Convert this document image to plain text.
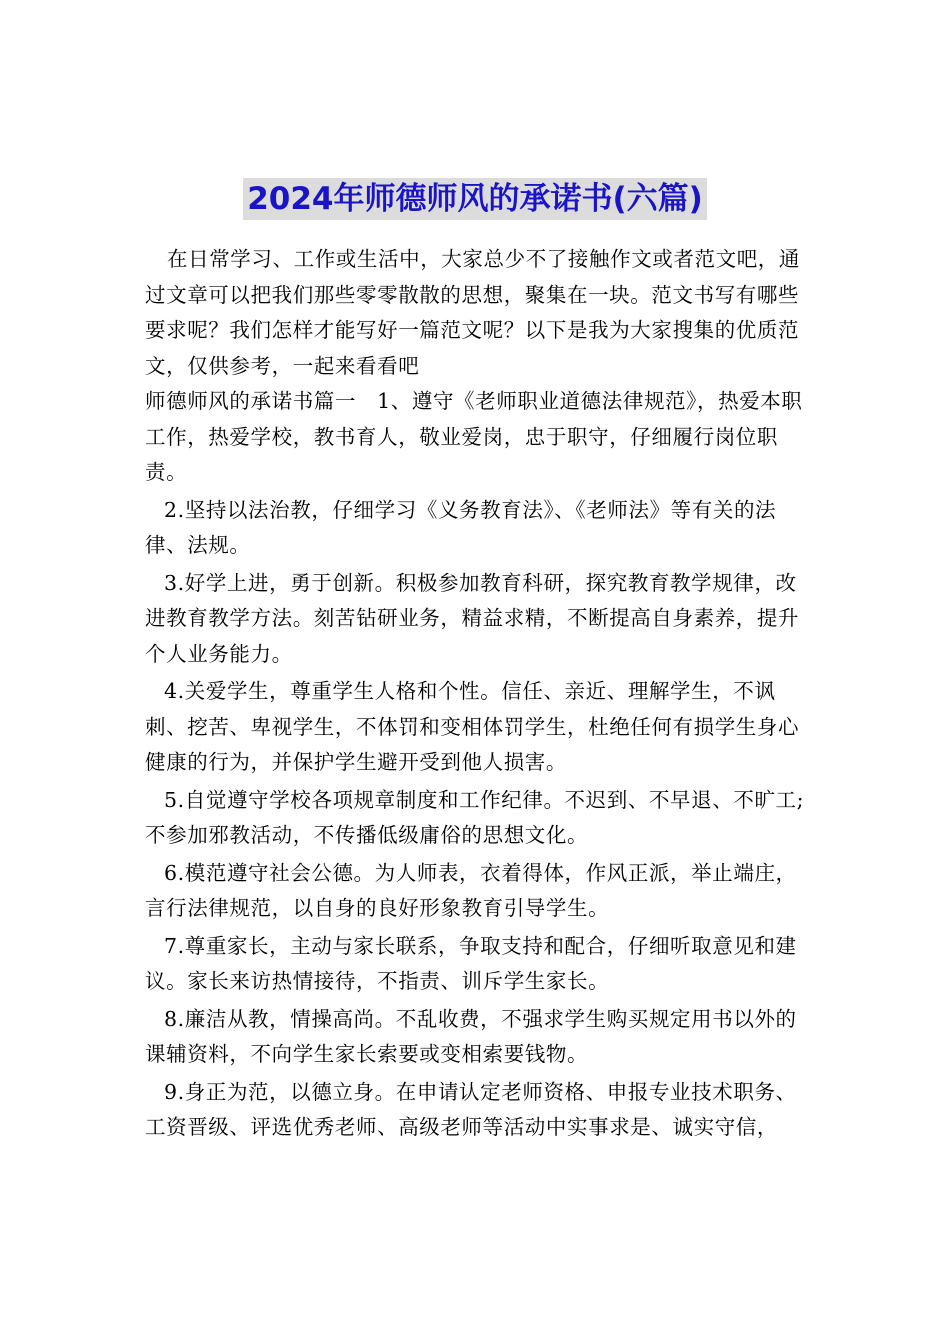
2024年师德师风的承诺书(六篇)

在日常学习、工作或生活中，大家总少不了接触作文或者范文吧，通过文章可以把我们那些零零散散的思想，聚集在一块。范文书写有哪些要求呢？我们怎样才能写好一篇范文呢？以下是我为大家搜集的优质范文，仅供参考，一起来看看吧

师德师风的承诺书篇一　1、遵守《老师职业道德法律规范》，热爱本职工作，热爱学校，教书育人，敬业爱岗，忠于职守，仔细履行岗位职责。

2.坚持以法治教，仔细学习《义务教育法》、《老师法》等有关的法律、法规。

3.好学上进，勇于创新。积极参加教育科研，探究教育教学规律，改进教育教学方法。刻苦钻研业务，精益求精，不断提高自身素养，提升个人业务能力。

4.关爱学生，尊重学生人格和个性。信任、亲近、理解学生，不讽刺、挖苦、卑视学生，不体罚和变相体罚学生，杜绝任何有损学生身心健康的行为，并保护学生避开受到他人损害。

5.自觉遵守学校各项规章制度和工作纪律。不迟到、不早退、不旷工;不参加邪教活动，不传播低级庸俗的思想文化。

6.模范遵守社会公德。为人师表，衣着得体，作风正派，举止端庄，言行法律规范，以自身的良好形象教育引导学生。

7.尊重家长，主动与家长联系，争取支持和配合，仔细听取意见和建议。家长来访热情接待，不指责、训斥学生家长。

8.廉洁从教，情操高尚。不乱收费，不强求学生购买规定用书以外的课辅资料，不向学生家长索要或变相索要钱物。

9.身正为范，以德立身。在申请认定老师资格、申报专业技术职务、工资晋级、评选优秀老师、高级老师等活动中实事求是、诚实守信，
